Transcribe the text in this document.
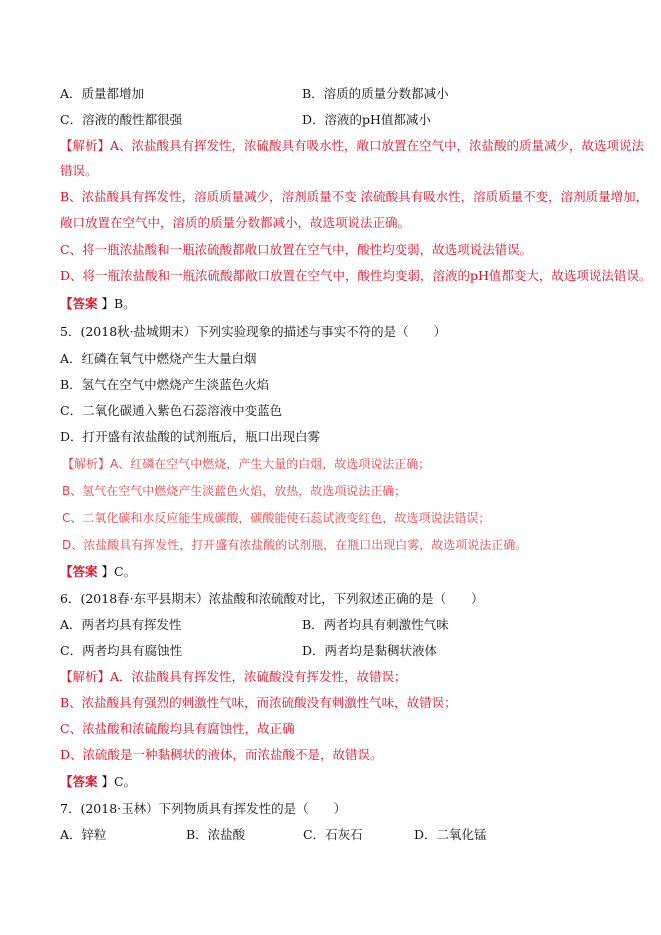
A．质量都增加	B．溶质的质量分数都减小
C．溶液的酸性都很强	D．溶液的pH值都减小
【解析】A、浓盐酸具有挥发性，浓硫酸具有吸水性，敞口放置在空气中，浓盐酸的质量减少，故选项说法
错误。
B、浓盐酸具有挥发性，溶质质量减少，溶剂质量不变 浓硫酸具有吸水性，溶质质量不变，溶剂质量增加，
敞口放置在空气中，溶质的质量分数都减小，故选项说法正确。
C、将一瓶浓盐酸和一瓶浓硫酸都敞口放置在空气中，酸性均变弱，故选项说法错误。
D、将一瓶浓盐酸和一瓶浓硫酸都敞口放置在空气中，酸性均变弱，溶液的pH值都变大，故选项说法错误。
【答案 】B。
5．(2018秋·盐城期末）下列实验现象的描述与事实不符的是（　　）
A．红磷在氧气中燃烧产生大量白烟
B．氢气在空气中燃烧产生淡蓝色火焰
C．二氧化碳通入紫色石蕊溶液中变蓝色
D．打开盛有浓盐酸的试剂瓶后，瓶口出现白雾
【解析】A、红磷在空气中燃烧，产生大量的白烟，故选项说法正确；
B、氢气在空气中燃烧产生淡蓝色火焰，放热，故选项说法正确；
C、二氧化碳和水反应能生成碳酸，碳酸能使石蕊试液变红色，故选项说法错误；
D、浓盐酸具有挥发性，打开盛有浓盐酸的试剂瓶，在瓶口出现白雾，故选项说法正确。
【答案 】C。
6．(2018春·东平县期末）浓盐酸和浓硫酸对比，下列叙述正确的是（　　）
A．两者均具有挥发性	B．两者均具有刺激性气味
C．两者均具有腐蚀性	D．两者均是黏稠状液体
【解析】A．浓盐酸具有挥发性，浓硫酸没有挥发性，故错误；
B、浓盐酸具有强烈的刺激性气味，而浓硫酸没有刺激性气味，故错误；
C、浓盐酸和浓硫酸均具有腐蚀性，故正确
D、浓硫酸是一种黏稠状的液体，而浓盐酸不是，故错误。
【答案 】C。
7．(2018·玉林）下列物质具有挥发性的是（　　）
A．锌粒	B．浓盐酸	C．石灰石	D．二氧化锰
